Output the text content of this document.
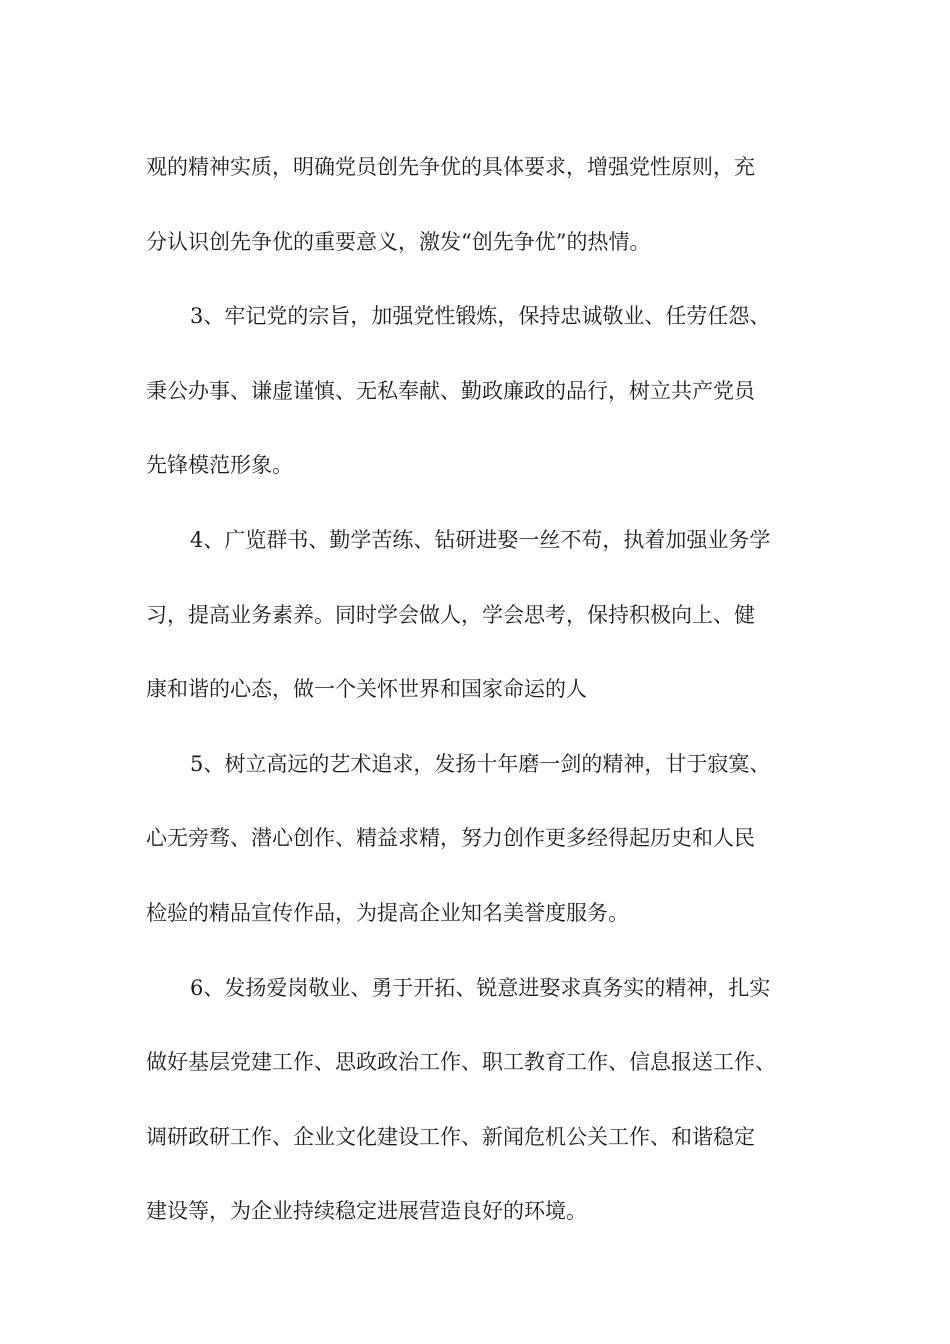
观的精神实质，明确党员创先争优的具体要求，增强党性原则，充
分认识创先争优的重要意义，激发“创先争优”的热情。
3、牢记党的宗旨，加强党性锻炼，保持忠诚敬业、任劳任怨、
秉公办事、谦虚谨慎、无私奉献、勤政廉政的品行，树立共产党员
先锋模范形象。
4、广览群书、勤学苦练、钻研进娶一丝不苟，执着加强业务学
习，提高业务素养。同时学会做人，学会思考，保持积极向上、健
康和谐的心态，做一个关怀世界和国家命运的人
5、树立高远的艺术追求，发扬十年磨一剑的精神，甘于寂寞、
心无旁骛、潜心创作、精益求精，努力创作更多经得起历史和人民
检验的精品宣传作品，为提高企业知名美誉度服务。
6、发扬爱岗敬业、勇于开拓、锐意进娶求真务实的精神，扎实
做好基层党建工作、思政政治工作、职工教育工作、信息报送工作、
调研政研工作、企业文化建设工作、新闻危机公关工作、和谐稳定
建设等，为企业持续稳定进展营造良好的环境。
